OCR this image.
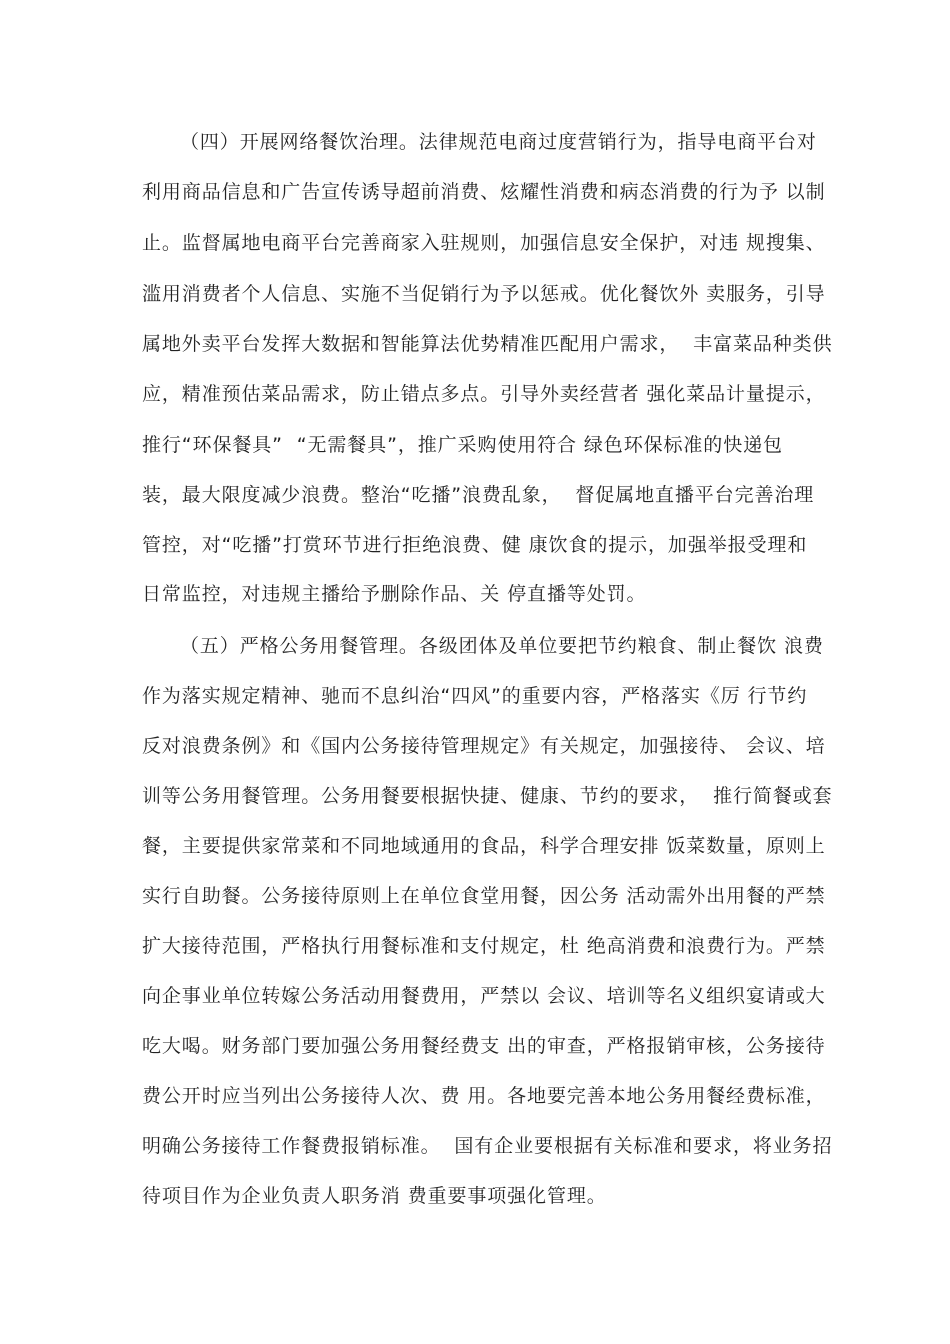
（四）开展网络餐饮治理。法律规范电商过度营销行为，指导电商平台对
利用商品信息和广告宣传诱导超前消费、炫耀性消费和病态消费的行为予 以制
止。监督属地电商平台完善商家入驻规则，加强信息安全保护，对违 规搜集、
滥用消费者个人信息、实施不当促销行为予以惩戒。优化餐饮外 卖服务，引导
属地外卖平台发挥大数据和智能算法优势精准匹配用户需求，  丰富菜品种类供
应，精准预估菜品需求，防止错点多点。引导外卖经营者 强化菜品计量提示，
推行“环保餐具”  “无需餐具”，推广采购使用符合 绿色环保标准的快递包
装，最大限度减少浪费。整治“吃播”浪费乱象，  督促属地直播平台完善治理
管控，对“吃播”打赏环节进行拒绝浪费、健 康饮食的提示，加强举报受理和
日常监控，对违规主播给予删除作品、关 停直播等处罚。
（五）严格公务用餐管理。各级团体及单位要把节约粮食、制止餐饮 浪费
作为落实规定精神、驰而不息纠治“四风”的重要内容，严格落实《厉 行节约
反对浪费条例》和《国内公务接待管理规定》有关规定，加强接待、 会议、培
训等公务用餐管理。公务用餐要根据快捷、健康、节约的要求，  推行简餐或套
餐，主要提供家常菜和不同地域通用的食品，科学合理安排 饭菜数量，原则上
实行自助餐。公务接待原则上在单位食堂用餐，因公务 活动需外出用餐的严禁
扩大接待范围，严格执行用餐标准和支付规定，杜 绝高消费和浪费行为。严禁
向企事业单位转嫁公务活动用餐费用，严禁以 会议、培训等名义组织宴请或大
吃大喝。财务部门要加强公务用餐经费支 出的审查，严格报销审核，公务接待
费公开时应当列出公务接待人次、费 用。各地要完善本地公务用餐经费标准，
明确公务接待工作餐费报销标准。  国有企业要根据有关标准和要求，将业务招
待项目作为企业负责人职务消 费重要事项强化管理。
